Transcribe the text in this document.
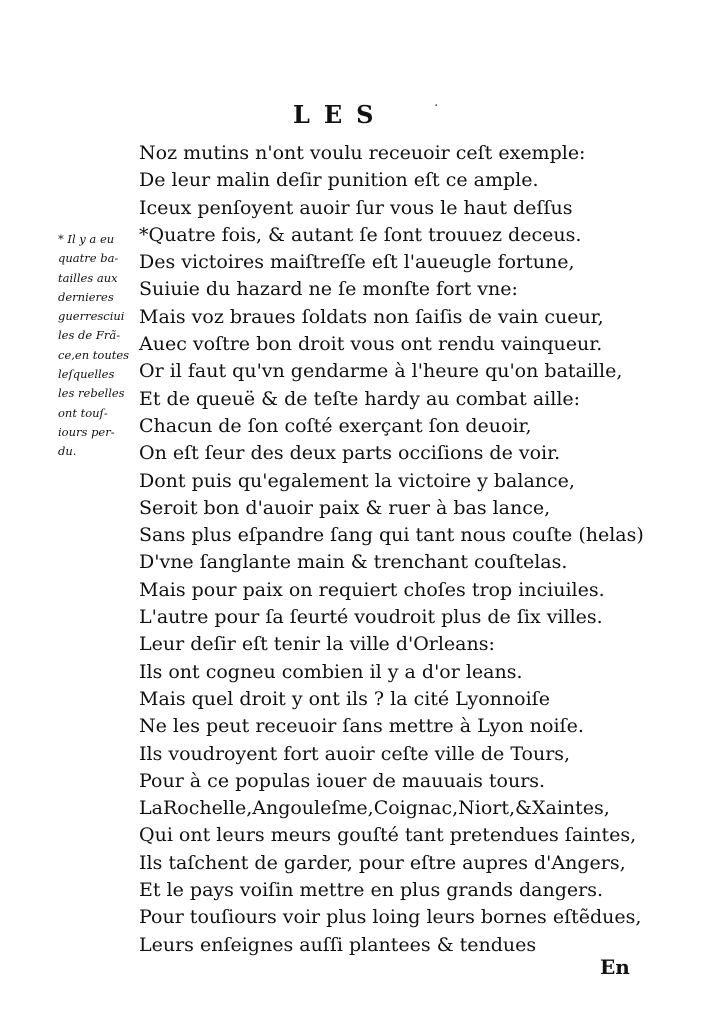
LES	·
* Il y a eu
quatre ba-
tailles aux
dernieres
guerresciui
les de Frã-
ce,en toutes
leſquelles
les rebelles
ont touſ-
iours per-
du.
Noz mutins n'ont voulu receuoir ceſt exemple:
De leur malin deſir punition eſt ce ample.
Iceux penſoyent auoir ſur vous le haut deſſus
*Quatre fois, & autant ſe ſont trouuez deceus.
Des victoires maiſtreſſe eſt l'aueugle fortune,
Suiuie du hazard ne ſe monſte fort vne:
Mais voz braues ſoldats non ſaiſis de vain cueur,
Auec voſtre bon droit vous ont rendu vainqueur.
Or il faut qu'vn gendarme à l'heure qu'on bataille,
Et de queuë & de teſte hardy au combat aille:
Chacun de ſon coſté exerçant ſon deuoir,
On eſt ſeur des deux parts occiſions de voir.
Dont puis qu'egalement la victoire y balance,
Seroit bon d'auoir paix & ruer à bas lance,
Sans plus eſpandre ſang qui tant nous couſte (helas)
D'vne ſanglante main & trenchant couſtelas.
Mais pour paix on requiert choſes trop inciuiles.
L'autre pour ſa ſeurté voudroit plus de ſix villes.
Leur deſir eſt tenir la ville d'Orleans:
Ils ont cogneu combien il y a d'or leans.
Mais quel droit y ont ils ? la cité Lyonnoiſe
Ne les peut receuoir ſans mettre à Lyon noiſe.
Ils voudroyent fort auoir ceſte ville de Tours,
Pour à ce populas iouer de mauuais tours.
LaRochelle,Angouleſme,Coignac,Niort,&Xaintes,
Qui ont leurs meurs gouſté tant pretendues ſaintes,
Ils taſchent de garder, pour eſtre aupres d'Angers,
Et le pays voiſin mettre en plus grands dangers.
Pour touſiours voir plus loing leurs bornes eſtẽdues,
Leurs enſeignes auſſi plantees & tendues
En
